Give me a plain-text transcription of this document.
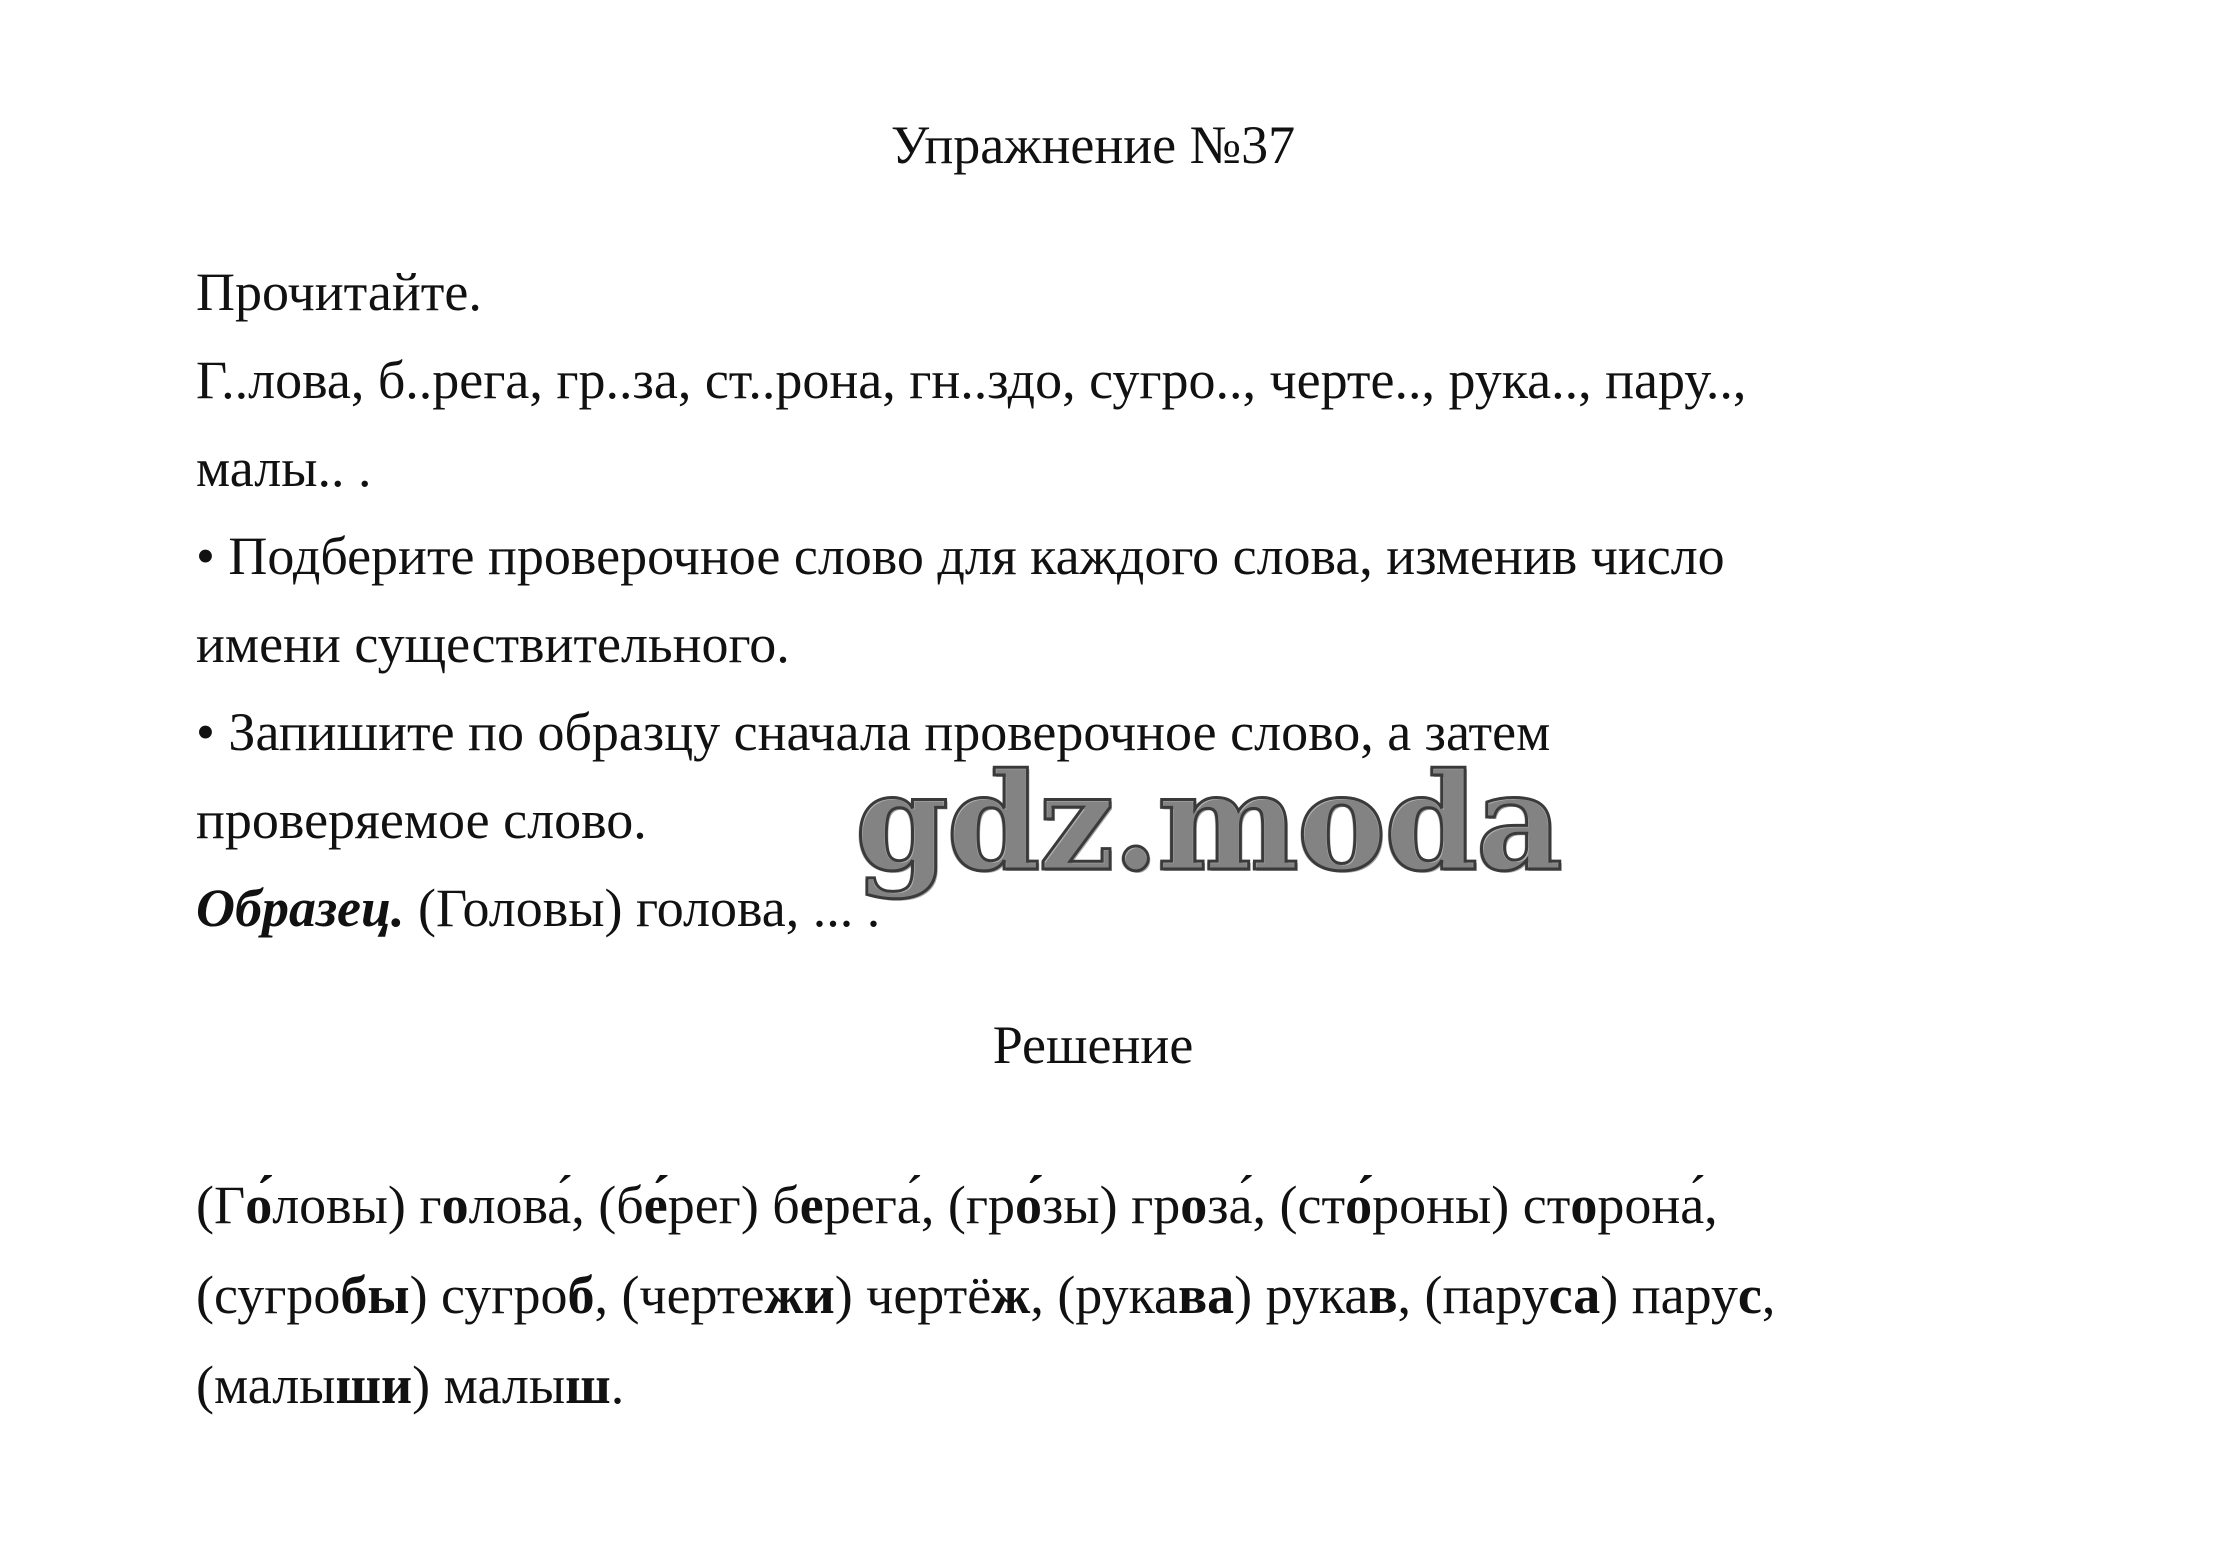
Упражнение №37
Прочитайте.
Г..лова, б..рега, гр..за, ст..рона, гн..здо, сугро.., черте.., рука.., пару..,
малы.. .
• Подберите проверочное слово для каждого слова, изменив число
имени существительного.
• Запишите по образцу сначала проверочное слово, а затем
проверяемое слово.
Образец. (Головы) голова, ... .
Решение
(Го́ловы) голова́, (бе́рег) берега́, (гро́зы) гроза́, (сто́роны) сторона́,
(сугробы) сугроб, (чертежи) чертёж, (рукава) рукав, (паруса) парус,
(малыши) малыш.
gdz.moda
